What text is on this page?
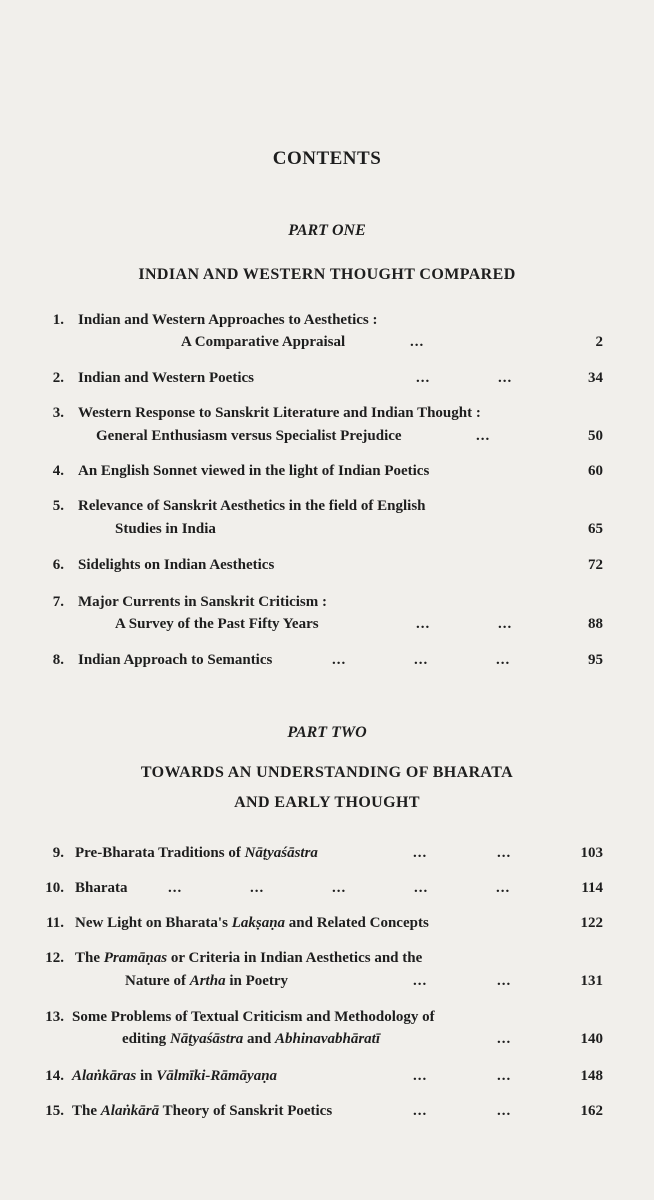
CONTENTS
PART ONE
INDIAN AND WESTERN THOUGHT COMPARED
1. Indian and Western Approaches to Aesthetics :
A Comparative Appraisal	...	2
2. Indian and Western Poetics	...	...	34
3. Western Response to Sanskrit Literature and Indian Thought :
General Enthusiasm versus Specialist Prejudice	...	50
4. An English Sonnet viewed in the light of Indian Poetics	60
5. Relevance of Sanskrit Aesthetics in the field of English
Studies in India	65
6. Sidelights on Indian Aesthetics	72
7. Major Currents in Sanskrit Criticism :
A Survey of the Past Fifty Years	...	...	88
8. Indian Approach to Semantics	...	...	...	95
PART TWO
TOWARDS AN UNDERSTANDING OF BHARATA
AND EARLY THOUGHT
9. Pre-Bharata Traditions of Nāṭyaśāstra	...	...	103
10. Bharata	...	...	...	...	...	114
11. New Light on Bharata's Lakṣaṇa and Related Concepts	122
12. The Pramāṇas or Criteria in Indian Aesthetics and the
Nature of Artha in Poetry	...	...	131
13. Some Problems of Textual Criticism and Methodology of
editing Nāṭyaśāstra and Abhinavabhāratī	...	140
14. Alaṅkāras in Vālmīki-Rāmāyaṇa	...	...	148
15. The Alaṅkārā Theory of Sanskrit Poetics	...	...	162
